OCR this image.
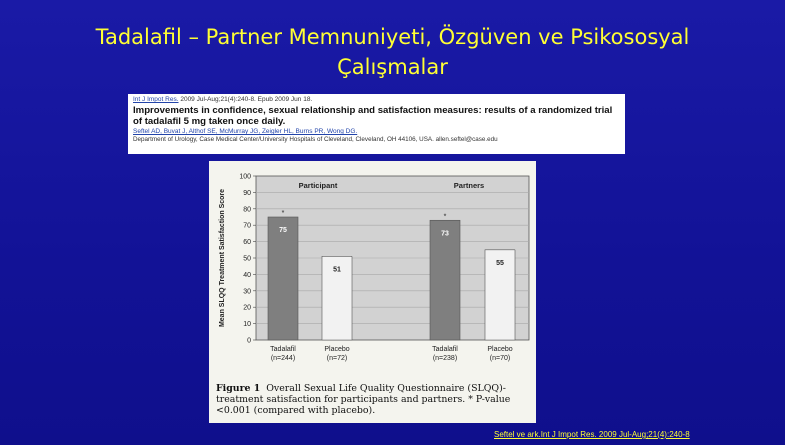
Tadalafil – Partner Memnuniyeti, Özgüven ve Psikososyal
Çalışmalar
Int J Impot Res. 2009 Jul-Aug;21(4):240-8. Epub 2009 Jun 18.
Improvements in confidence, sexual relationship and satisfaction measures: results of a randomized trial of tadalafil 5 mg taken once daily.
Seftel AD, Buvat J, Althof SE, McMurray JG, Zeigler HL, Burns PR, Wong DG.
Department of Urology, Case Medical Center/University Hospitals of Cleveland, Cleveland, OH 44106, USA. allen.seftel@case.edu
0
10
20
30
40
50
60
70
80
90
100
Mean SLQQ Treatment Satisfaction Score
Participant	Partners
75
*
Tadalafil
(n=244)
51
Placebo
(n=72)
73
*
Tadalafil
(n=238)
55
Placebo
(n=70)
Figure 1 Overall Sexual Life Quality Questionnaire (SLQQ)-treatment satisfaction for participants and partners. * P-value <0.001 (compared with placebo).
Seftel ve ark.Int J Impot Res. 2009 Jul-Aug;21(4):240-8
